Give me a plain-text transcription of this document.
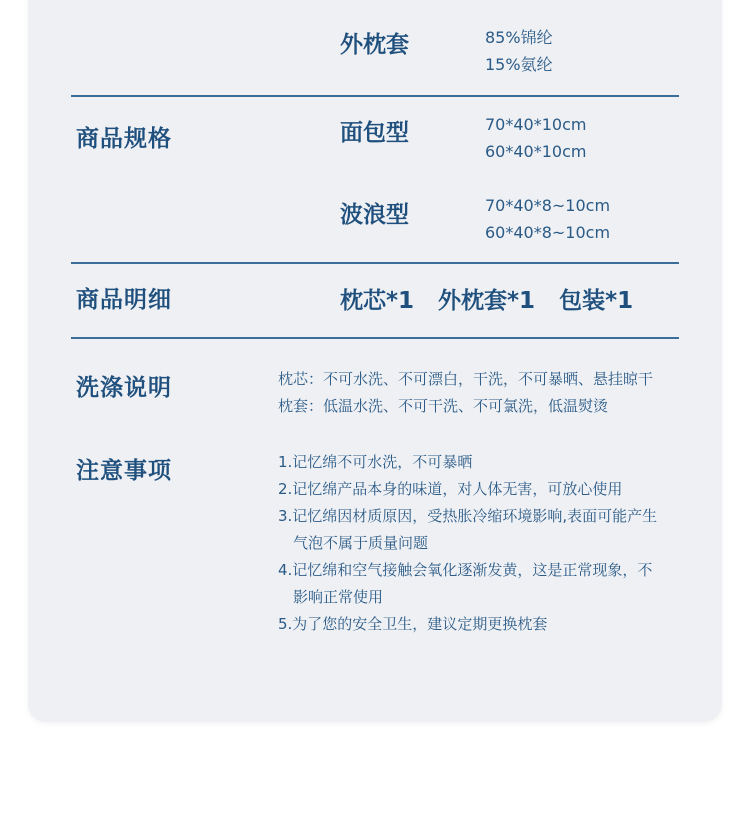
外枕套	85%锦纶
15%氨纶
商品规格	面包型	70*40*10cm
60*40*10cm
波浪型	70*40*8~10cm
60*40*8~10cm
商品明细	枕芯*1 外枕套*1 包装*1
洗涤说明	枕芯：不可水洗、不可漂白，干洗，不可暴晒、悬挂晾干
枕套：低温水洗、不可干洗、不可氯洗，低温熨烫
注意事项	1.记忆绵不可水洗，不可暴晒
2.记忆绵产品本身的味道，对人体无害，可放心使用
3.记忆绵因材质原因，受热胀冷缩环境影响,表面可能产生
气泡不属于质量问题
4.记忆绵和空气接触会氧化逐渐发黄，这是正常现象，不
影响正常使用
5.为了您的安全卫生，建议定期更换枕套
